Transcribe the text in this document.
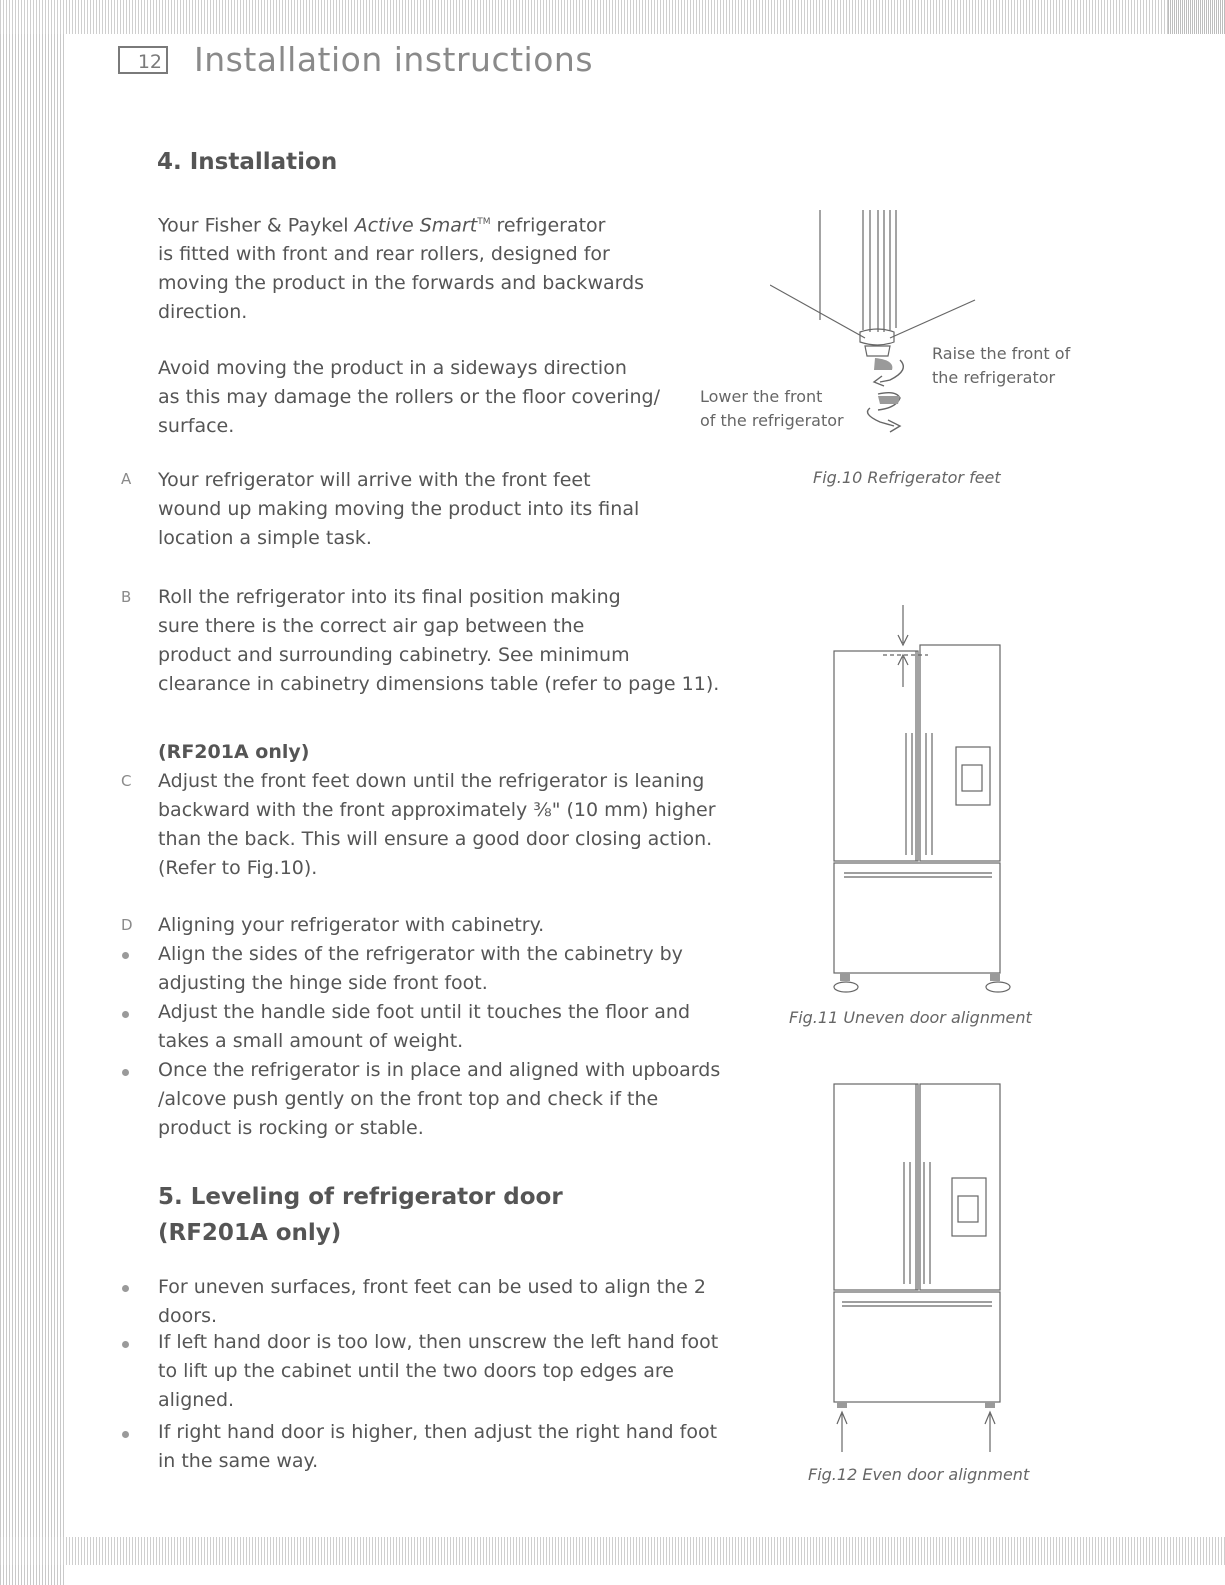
12 Installation instructions
4. Installation
Your Fisher & Paykel Active Smart™ refrigerator
is fitted with front and rear rollers, designed for
moving the product in the forwards and backwards
direction.
Avoid moving the product in a sideways direction
as this may damage the rollers or the floor covering/
surface.
A Your refrigerator will arrive with the front feet
wound up making moving the product into its final
location a simple task.
B Roll the refrigerator into its final position making
sure there is the correct air gap between the
product and surrounding cabinetry. See minimum
clearance in cabinetry dimensions table (refer to page 11).
(RF201A only)
C Adjust the front feet down until the refrigerator is leaning
backward with the front approximately ⅜" (10 mm) higher
than the back. This will ensure a good door closing action.
(Refer to Fig.10).
D Aligning your refrigerator with cabinetry.
Align the sides of the refrigerator with the cabinetry by
adjusting the hinge side front foot.
Adjust the handle side foot until it touches the floor and
takes a small amount of weight.
Once the refrigerator is in place and aligned with upboards
/alcove push gently on the front top and check if the
product is rocking or stable.
5. Leveling of refrigerator door
(RF201A only)
For uneven surfaces, front feet can be used to align the 2
doors.
If left hand door is too low, then unscrew the left hand foot
to lift up the cabinet until the two doors top edges are
aligned.
If right hand door is higher, then adjust the right hand foot
in the same way.
Raise the front of
the refrigerator
Lower the front
of the refrigerator
Fig.10 Refrigerator feet
Fig.11 Uneven door alignment
Fig.12 Even door alignment
